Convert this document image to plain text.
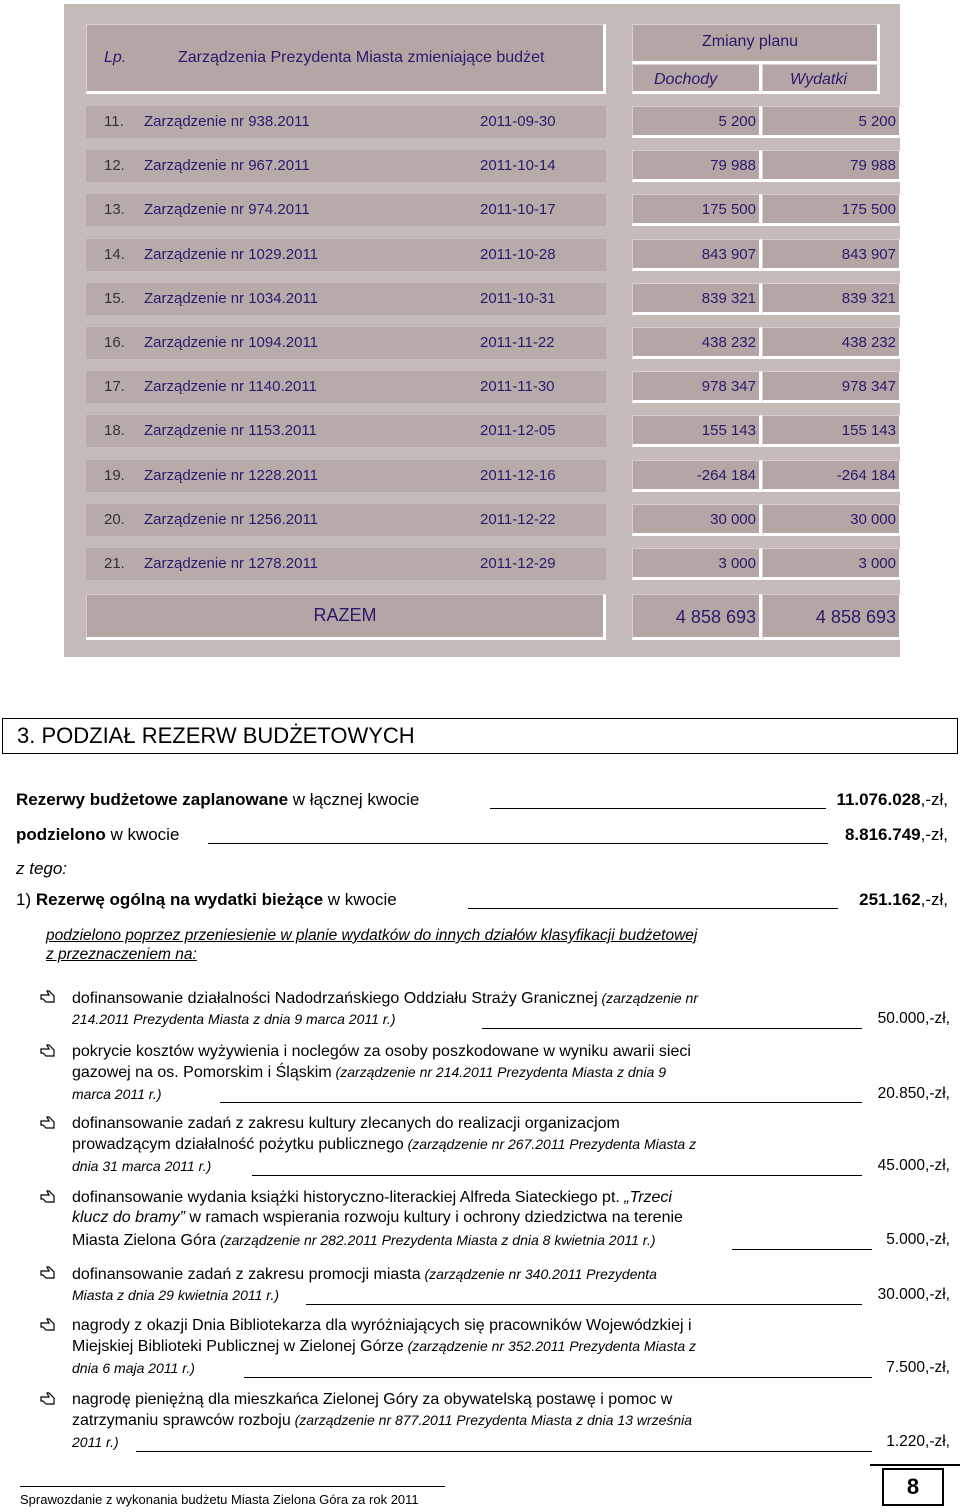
Lp.	Zarządzenia Prezydenta Miasta zmieniające budżet
Zmiany planu
Dochody	Wydatki
11. Zarządzenie nr 938.2011	2011-09-30	5 200	5 200
12. Zarządzenie nr 967.2011	2011-10-14	79 988	79 988
13. Zarządzenie nr 974.2011	2011-10-17	175 500	175 500
14. Zarządzenie nr 1029.2011	2011-10-28	843 907	843 907
15. Zarządzenie nr 1034.2011	2011-10-31	839 321	839 321
16. Zarządzenie nr 1094.2011	2011-11-22	438 232	438 232
17. Zarządzenie nr 1140.2011	2011-11-30	978 347	978 347
18. Zarządzenie nr 1153.2011	2011-12-05	155 143	155 143
19. Zarządzenie nr 1228.2011	2011-12-16	-264 184	-264 184
20. Zarządzenie nr 1256.2011	2011-12-22	30 000	30 000
21. Zarządzenie nr 1278.2011	2011-12-29	3 000	3 000
RAZEM	4 858 693	4 858 693
3. PODZIAŁ REZERW BUDŻETOWYCH
Rezerwy budżetowe zaplanowane w łącznej kwocie	11.076.028,-zł,
podzielono w kwocie	8.816.749,-zł,
z tego:
1) Rezerwę ogólną na wydatki bieżące w kwocie	251.162,-zł,
podzielono poprzez przeniesienie w planie wydatków do innych działów klasyfikacji budżetowej
z przeznaczeniem na:
dofinansowanie działalności Nadodrzańskiego Oddziału Straży Granicznej (zarządzenie nr
214.2011 Prezydenta Miasta z dnia 9 marca 2011 r.)	50.000,-zł,
pokrycie kosztów wyżywienia i noclegów za osoby poszkodowane w wyniku awarii sieci
gazowej na os. Pomorskim i Śląskim (zarządzenie nr 214.2011 Prezydenta Miasta z dnia 9
marca 2011 r.)	20.850,-zł,
dofinansowanie zadań z zakresu kultury zlecanych do realizacji organizacjom
prowadzącym działalność pożytku publicznego (zarządzenie nr 267.2011 Prezydenta Miasta z
dnia 31 marca 2011 r.)	45.000,-zł,
dofinansowanie wydania książki historyczno-literackiej Alfreda Siateckiego pt. „Trzeci
klucz do bramy” w ramach wspierania rozwoju kultury i ochrony dziedzictwa na terenie
Miasta Zielona Góra (zarządzenie nr 282.2011 Prezydenta Miasta z dnia 8 kwietnia 2011 r.)	5.000,-zł,
dofinansowanie zadań z zakresu promocji miasta (zarządzenie nr 340.2011 Prezydenta
Miasta z dnia 29 kwietnia 2011 r.)	30.000,-zł,
nagrody z okazji Dnia Bibliotekarza dla wyróżniających się pracowników Wojewódzkiej i
Miejskiej Biblioteki Publicznej w Zielonej Górze (zarządzenie nr 352.2011 Prezydenta Miasta z
dnia 6 maja 2011 r.)	7.500,-zł,
nagrodę pieniężną dla mieszkańca Zielonej Góry za obywatelską postawę i pomoc w
zatrzymaniu sprawców rozboju (zarządzenie nr 877.2011 Prezydenta Miasta z dnia 13 września
2011 r.)	1.220,-zł,
Sprawozdanie z wykonania budżetu Miasta Zielona Góra za rok 2011
8
